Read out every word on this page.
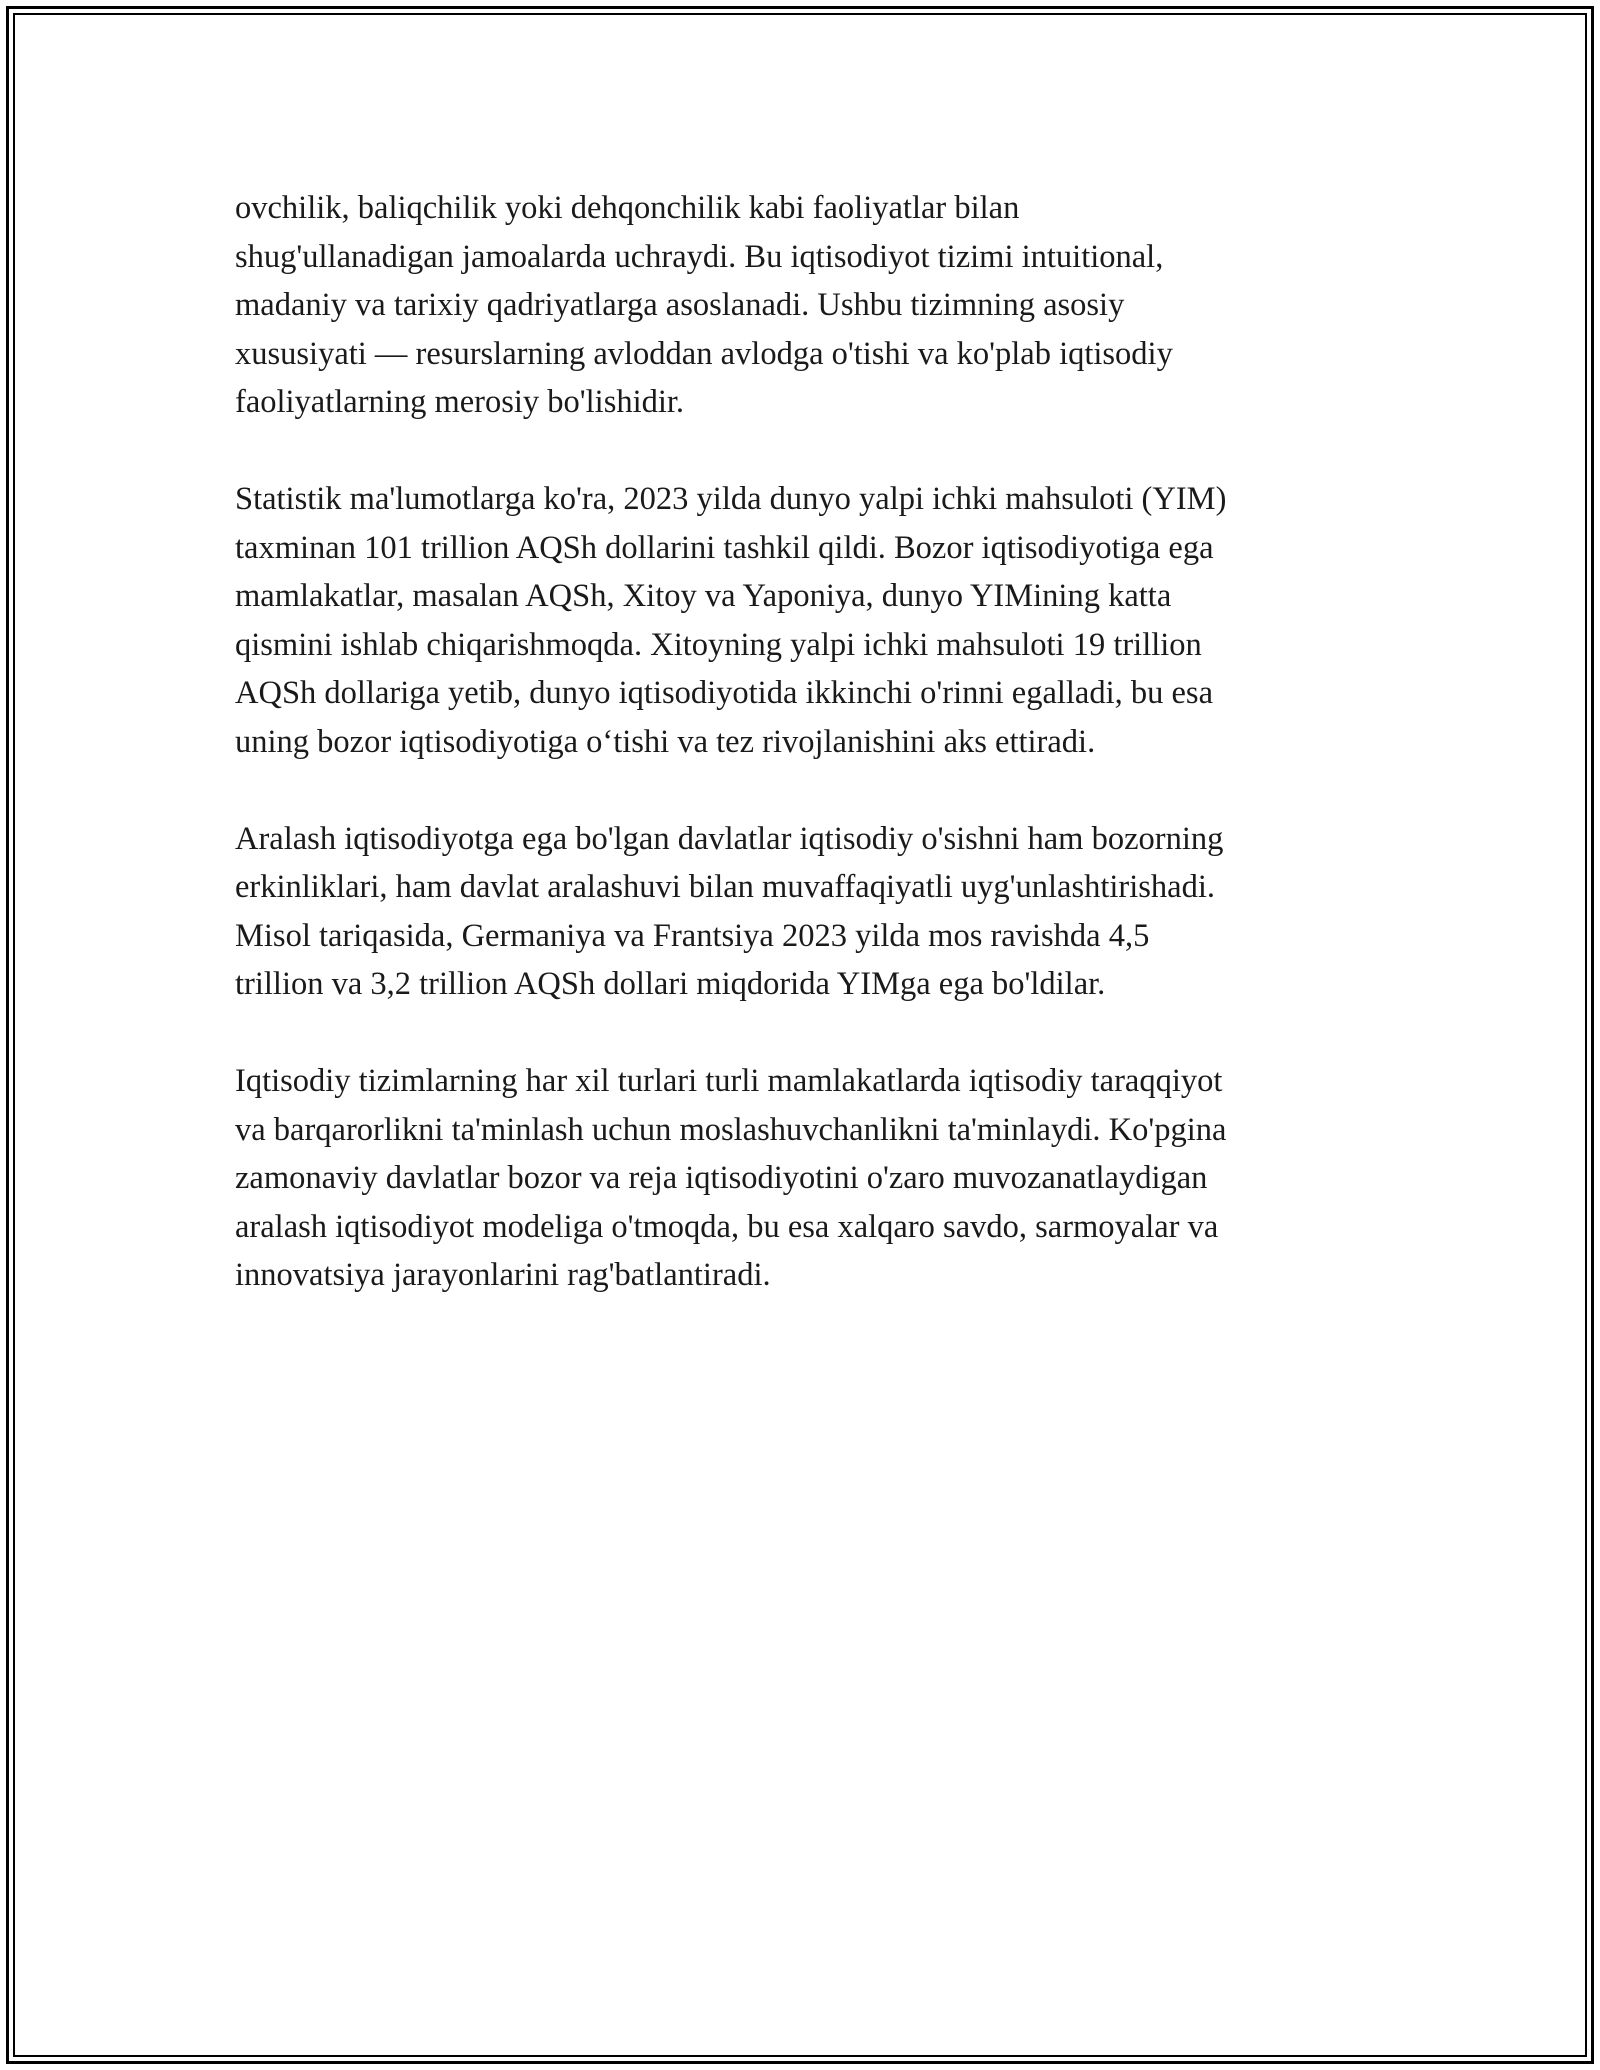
ovchilik, baliqchilik yoki dehqonchilik kabi faoliyatlar bilan
shug'ullanadigan jamoalarda uchraydi. Bu iqtisodiyot tizimi intuitional,
madaniy va tarixiy qadriyatlarga asoslanadi. Ushbu tizimning asosiy
xususiyati — resurslarning avloddan avlodga o'tishi va ko'plab iqtisodiy
faoliyatlarning merosiy bo'lishidir.

Statistik ma'lumotlarga ko'ra, 2023 yilda dunyo yalpi ichki mahsuloti (YIM)
taxminan 101 trillion AQSh dollarini tashkil qildi. Bozor iqtisodiyotiga ega
mamlakatlar, masalan AQSh, Xitoy va Yaponiya, dunyo YIMining katta
qismini ishlab chiqarishmoqda. Xitoyning yalpi ichki mahsuloti 19 trillion
AQSh dollariga yetib, dunyo iqtisodiyotida ikkinchi o'rinni egalladi, bu esa
uning bozor iqtisodiyotiga o‘tishi va tez rivojlanishini aks ettiradi.

Aralash iqtisodiyotga ega bo'lgan davlatlar iqtisodiy o'sishni ham bozorning
erkinliklari, ham davlat aralashuvi bilan muvaffaqiyatli uyg'unlashtirishadi.
Misol tariqasida, Germaniya va Frantsiya 2023 yilda mos ravishda 4,5
trillion va 3,2 trillion AQSh dollari miqdorida YIMga ega bo'ldilar.

Iqtisodiy tizimlarning har xil turlari turli mamlakatlarda iqtisodiy taraqqiyot
va barqarorlikni ta'minlash uchun moslashuvchanlikni ta'minlaydi. Ko'pgina
zamonaviy davlatlar bozor va reja iqtisodiyotini o'zaro muvozanatlaydigan
aralash iqtisodiyot modeliga o'tmoqda, bu esa xalqaro savdo, sarmoyalar va
innovatsiya jarayonlarini rag'batlantiradi.
